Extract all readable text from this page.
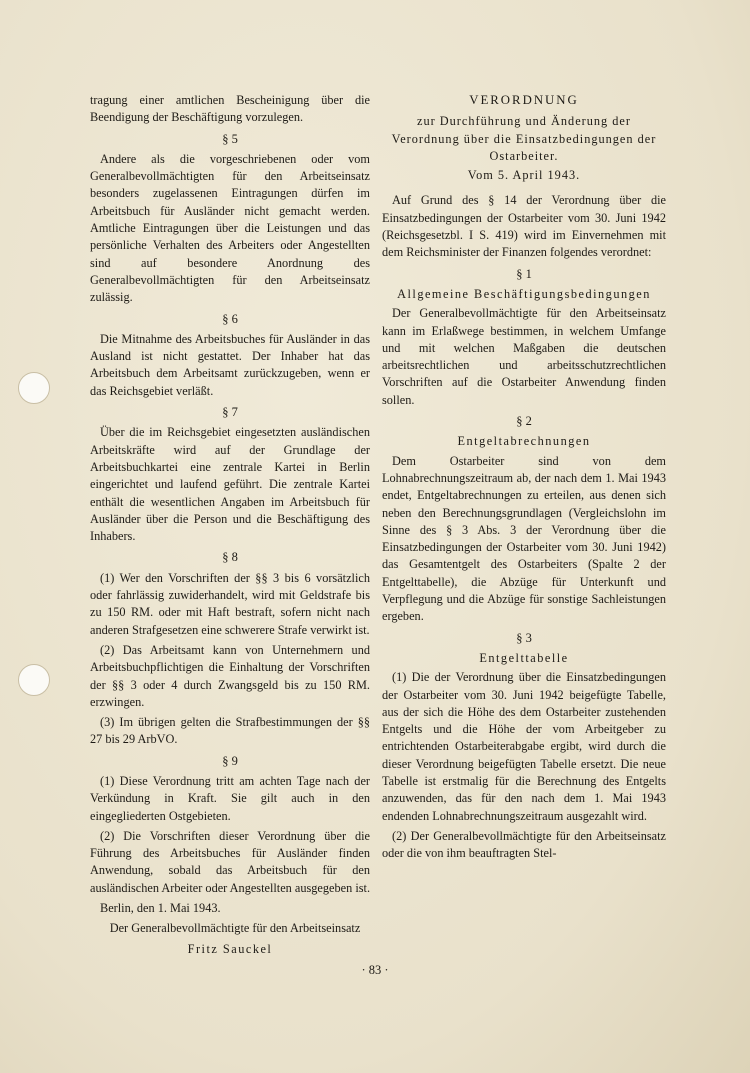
tragung einer amtlichen Bescheinigung über die Beendigung der Beschäftigung vorzulegen.

§ 5

Andere als die vorgeschriebenen oder vom Generalbevollmächtigten für den Arbeitseinsatz besonders zugelassenen Eintragungen dürfen im Arbeitsbuch für Ausländer nicht gemacht werden. Amtliche Eintragungen über die Leistungen und das persönliche Verhalten des Arbeiters oder Angestellten sind auf besondere Anordnung des Generalbevollmächtigten für den Arbeitseinsatz zulässig.

§ 6

Die Mitnahme des Arbeitsbuches für Ausländer in das Ausland ist nicht gestattet. Der Inhaber hat das Arbeitsbuch dem Arbeitsamt zurückzugeben, wenn er das Reichsgebiet verläßt.

§ 7

Über die im Reichsgebiet eingesetzten ausländischen Arbeitskräfte wird auf der Grundlage der Arbeitsbuchkartei eine zentrale Kartei in Berlin eingerichtet und laufend geführt. Die zentrale Kartei enthält die wesentlichen Angaben im Arbeitsbuch für Ausländer über die Person und die Beschäftigung des Inhabers.

§ 8

(1) Wer den Vorschriften der §§ 3 bis 6 vorsätzlich oder fahrlässig zuwiderhandelt, wird mit Geldstrafe bis zu 150 RM. oder mit Haft bestraft, sofern nicht nach anderen Strafgesetzen eine schwerere Strafe verwirkt ist.

(2) Das Arbeitsamt kann von Unternehmern und Arbeitsbuchpflichtigen die Einhaltung der Vorschriften der §§ 3 oder 4 durch Zwangsgeld bis zu 150 RM. erzwingen.

(3) Im übrigen gelten die Strafbestimmungen der §§ 27 bis 29 ArbVO.

§ 9

(1) Diese Verordnung tritt am achten Tage nach der Verkündung in Kraft. Sie gilt auch in den eingegliederten Ostgebieten.

(2) Die Vorschriften dieser Verordnung über die Führung des Arbeitsbuches für Ausländer finden Anwendung, sobald das Arbeitsbuch für den ausländischen Arbeiter oder Angestellten ausgegeben ist.

Berlin, den 1. Mai 1943.

Der Generalbevollmächtigte für den Arbeitseinsatz

Fritz Sauckel
VERORDNUNG
zur Durchführung und Änderung der Verordnung über die Einsatzbedingungen der Ostarbeiter.
Vom 5. April 1943.

Auf Grund des § 14 der Verordnung über die Einsatzbedingungen der Ostarbeiter vom 30. Juni 1942 (Reichsgesetzbl. I S. 419) wird im Einvernehmen mit dem Reichsminister der Finanzen folgendes verordnet:

§ 1
Allgemeine Beschäftigungsbedingungen

Der Generalbevollmächtigte für den Arbeitseinsatz kann im Erlaßwege bestimmen, in welchem Umfange und mit welchen Maßgaben die deutschen arbeitsrechtlichen und arbeitsschutzrechtlichen Vorschriften auf die Ostarbeiter Anwendung finden sollen.

§ 2
Entgeltabrechnungen

Dem Ostarbeiter sind von dem Lohnabrechnungszeitraum ab, der nach dem 1. Mai 1943 endet, Entgeltabrechnungen zu erteilen, aus denen sich neben den Berechnungsgrundlagen (Vergleichslohn im Sinne des § 3 Abs. 3 der Verordnung über die Einsatzbedingungen der Ostarbeiter vom 30. Juni 1942) das Gesamtentgelt des Ostarbeiters (Spalte 2 der Entgelttabelle), die Abzüge für Unterkunft und Verpflegung und die Abzüge für sonstige Sachleistungen ergeben.

§ 3
Entgelttabelle

(1) Die der Verordnung über die Einsatzbedingungen der Ostarbeiter vom 30. Juni 1942 beigefügte Tabelle, aus der sich die Höhe des dem Ostarbeiter zustehenden Entgelts und die Höhe der vom Arbeitgeber zu entrichtenden Ostarbeiterabgabe ergibt, wird durch die dieser Verordnung beigefügten Tabelle ersetzt. Die neue Tabelle ist erstmalig für die Berechnung des Entgelts anzuwenden, das für den nach dem 1. Mai 1943 endenden Lohnabrechnungszeitraum ausgezahlt wird.

(2) Der Generalbevollmächtigte für den Arbeitseinsatz oder die von ihm beauftragten Stel-

· 83 ·
